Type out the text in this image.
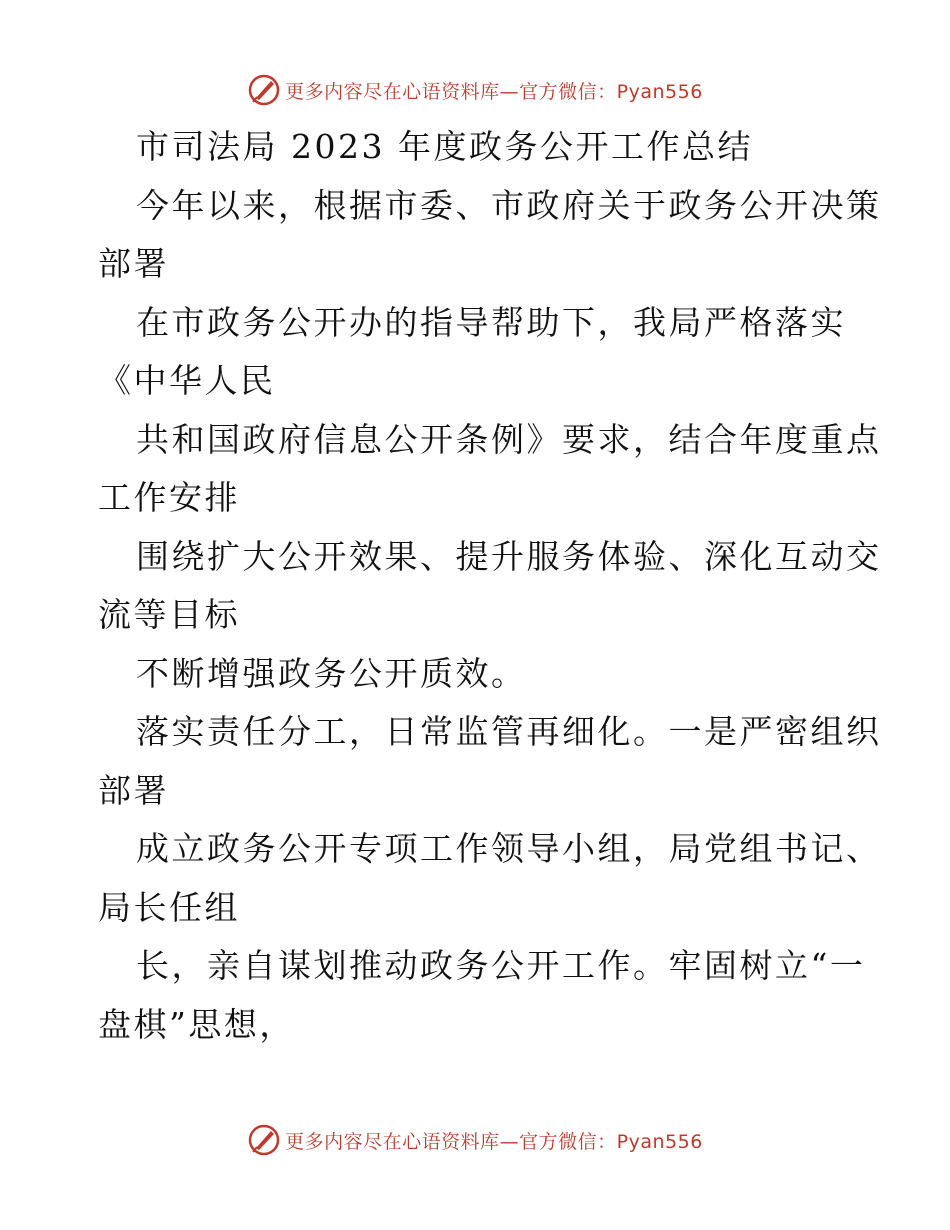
更多内容尽在心语资料库—官方微信：Pyan556
市司法局 2023 年度政务公开工作总结
今年以来，根据市委、市政府关于政务公开决策
部署
在市政务公开办的指导帮助下，我局严格落实
《中华人民
共和国政府信息公开条例》要求，结合年度重点
工作安排
围绕扩大公开效果、提升服务体验、深化互动交
流等目标
不断增强政务公开质效。
落实责任分工，日常监管再细化。一是严密组织
部署
成立政务公开专项工作领导小组，局党组书记、
局长任组
长，亲自谋划推动政务公开工作。牢固树立“一
盘棋”思想，
更多内容尽在心语资料库—官方微信：Pyan556
